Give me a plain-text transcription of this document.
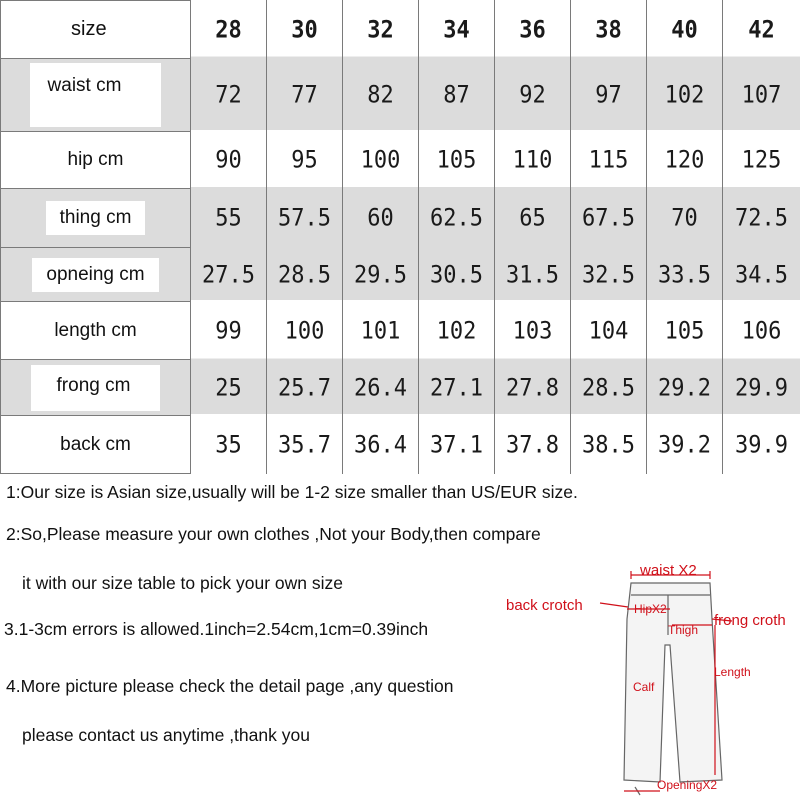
size	28	30	32	34	36	38	40	42
waist cm	72	77	82	87	92	97	102	107
hip cm	90	95	100	105	110	115	120	125
thing cm	55	57.5	60	62.5	65	67.5	70	72.5
opneing cm	27.5	28.5	29.5	30.5	31.5	32.5	33.5	34.5
length cm	99	100	101	102	103	104	105	106
frong cm	25	25.7	26.4	27.1	27.8	28.5	29.2	29.9
back cm	35	35.7	36.4	37.1	37.8	38.5	39.2	39.9
1:Our size is Asian size,usually will be 1-2 size smaller than US/EUR size.
2:So,Please measure your own clothes ,Not your Body,then compare
it with our size table to pick your own size
3.1-3cm errors is allowed.1inch=2.54cm,1cm=0.39inch
4.More picture please check the detail page ,any question
please contact us anytime ,thank you
waist X2
back crotch	HipX2
Thigh
frong croth
Length
Calf
OpeningX2
